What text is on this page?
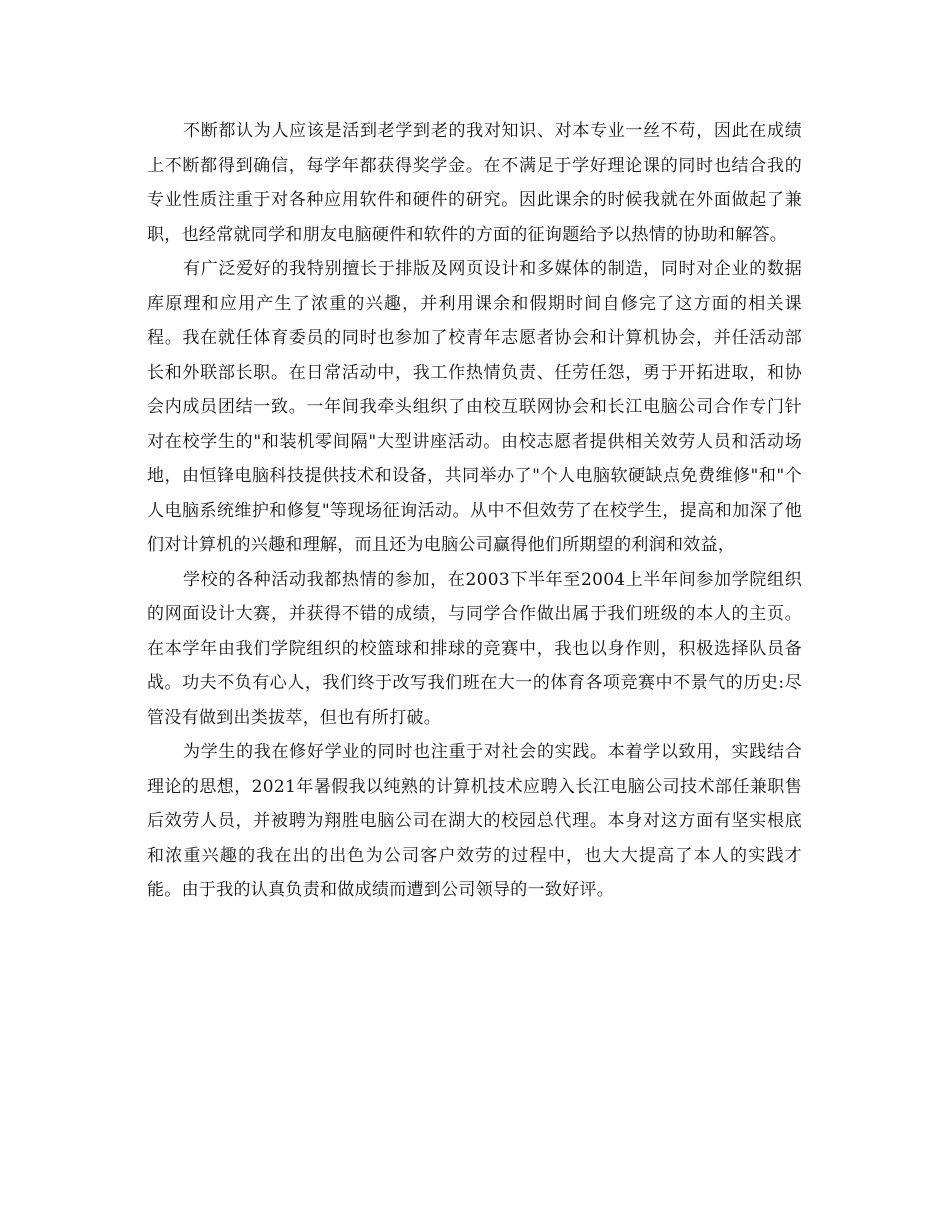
不断都认为人应该是活到老学到老的我对知识、对本专业一丝不苟，因此在成绩上不断都得到确信，每学年都获得奖学金。在不满足于学好理论课的同时也结合我的专业性质注重于对各种应用软件和硬件的研究。因此课余的时候我就在外面做起了兼职，也经常就同学和朋友电脑硬件和软件的方面的征询题给予以热情的协助和解答。

有广泛爱好的我特别擅长于排版及网页设计和多媒体的制造，同时对企业的数据库原理和应用产生了浓重的兴趣，并利用课余和假期时间自修完了这方面的相关课程。我在就任体育委员的同时也参加了校青年志愿者协会和计算机协会，并任活动部长和外联部长职。在日常活动中，我工作热情负责、任劳任怨，勇于开拓进取，和协会内成员团结一致。一年间我牵头组织了由校互联网协会和长江电脑公司合作专门针对在校学生的"和装机零间隔"大型讲座活动。由校志愿者提供相关效劳人员和活动场地，由恒锋电脑科技提供技术和设备，共同举办了"个人电脑软硬缺点免费维修"和"个人电脑系统维护和修复"等现场征询活动。从中不但效劳了在校学生，提高和加深了他们对计算机的兴趣和理解，而且还为电脑公司赢得他们所期望的利润和效益，

学校的各种活动我都热情的参加，在2003下半年至2004上半年间参加学院组织的网面设计大赛，并获得不错的成绩，与同学合作做出属于我们班级的本人的主页。在本学年由我们学院组织的校篮球和排球的竞赛中，我也以身作则，积极选择队员备战。功夫不负有心人，我们终于改写我们班在大一的体育各项竞赛中不景气的历史:尽管没有做到出类拔萃，但也有所打破。

为学生的我在修好学业的同时也注重于对社会的实践。本着学以致用，实践结合理论的思想，2021年暑假我以纯熟的计算机技术应聘入长江电脑公司技术部任兼职售后效劳人员，并被聘为翔胜电脑公司在湖大的校园总代理。本身对这方面有坚实根底和浓重兴趣的我在出的出色为公司客户效劳的过程中，也大大提高了本人的实践才能。由于我的认真负责和做成绩而遭到公司领导的一致好评。
